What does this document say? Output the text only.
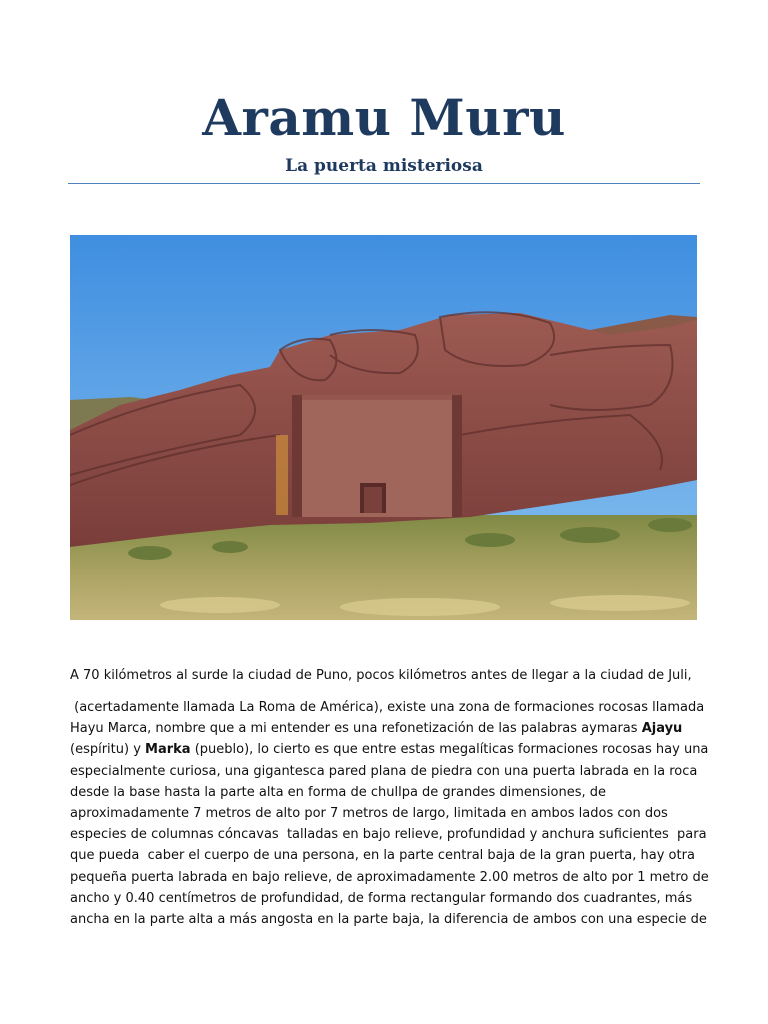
Aramu Muru
La puerta misteriosa
A 70 kilómetros al surde la ciudad de Puno, pocos kilómetros antes de llegar a la ciudad de Juli,
(acertadamente llamada La Roma de América), existe una zona de formaciones rocosas llamada
Hayu Marca, nombre que a mi entender es una refonetización de las palabras aymaras Ajayu
(espíritu) y Marka (pueblo), lo cierto es que entre estas megalíticas formaciones rocosas hay una
especialmente curiosa, una gigantesca pared plana de piedra con una puerta labrada en la roca
desde la base hasta la parte alta en forma de chullpa de grandes dimensiones, de
aproximadamente 7 metros de alto por 7 metros de largo, limitada en ambos lados con dos
especies de columnas cóncavas  talladas en bajo relieve, profundidad y anchura suficientes  para
que pueda  caber el cuerpo de una persona, en la parte central baja de la gran puerta, hay otra
pequeña puerta labrada en bajo relieve, de aproximadamente 2.00 metros de alto por 1 metro de
ancho y 0.40 centímetros de profundidad, de forma rectangular formando dos cuadrantes, más
ancha en la parte alta a más angosta en la parte baja, la diferencia de ambos con una especie de
